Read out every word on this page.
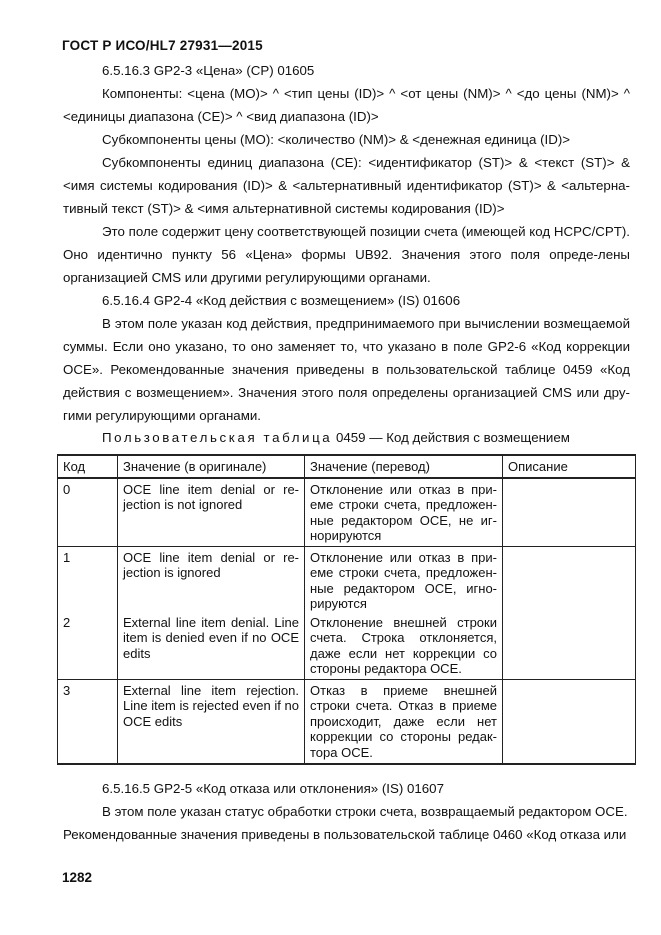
ГОСТ Р ИСО/HL7 27931—2015
6.5.16.3 GP2-3 «Цена» (CP) 01605
Компоненты: <цена (MO)> ^ <тип цены (ID)> ^ <от цены (NM)> ^ <до цены (NM)> ^ <единицы диапазона (CE)> ^ <вид диапазона (ID)>
Субкомпоненты цены (MO): <количество (NM)> & <денежная единица (ID)>
Субкомпоненты единиц диапазона (CE): <идентификатор (ST)> & <текст (ST)> & <имя системы кодирования (ID)> & <альтернативный идентификатор (ST)> & <альтерна-тивный текст (ST)> & <имя альтернативной системы кодирования (ID)>
Это поле содержит цену соответствующей позиции счета (имеющей код HCPC/CPT). Оно идентично пункту 56 «Цена» формы UB92. Значения этого поля опреде-лены организацией CMS или другими регулирующими органами.
6.5.16.4 GP2-4 «Код действия с возмещением» (IS) 01606
В этом поле указан код действия, предпринимаемого при вычислении возмещаемой суммы. Если оно указано, то оно заменяет то, что указано в поле GP2-6 «Код коррекции OCE». Рекомендованные значения приведены в пользовательской таблице 0459 «Код действия с возмещением». Значения этого поля определены организацией CMS или дру-гими регулирующими органами.
Пользовательская таблица 0459 — Код действия с возмещением
Код	Значение (в оригинале)	Значение (перевод)	Описание
0	OCE line item denial or re-jection is not ignored	Отклонение или отказ в при-еме строки счета, предложен-ные редактором OCE, не иг-норируются	
1	OCE line item denial or re-jection is ignored	Отклонение или отказ в при-еме строки счета, предложен-ные редактором OCE, игно-рируются	
2	External line item denial. Line item is denied even if no OCE edits	Отклонение внешней строки счета. Строка отклоняется, даже если нет коррекции со стороны редактора OCE.	
3	External line item rejection. Line item is rejected even if no OCE edits	Отказ в приеме внешней строки счета. Отказ в приеме происходит, даже если нет коррекции со стороны редак-тора OCE.	
6.5.16.5 GP2-5 «Код отказа или отклонения» (IS) 01607
В этом поле указан статус обработки строки счета, возвращаемый редактором OCE.
Рекомендованные значения приведены в пользовательской таблице 0460 «Код отказа или
1282
